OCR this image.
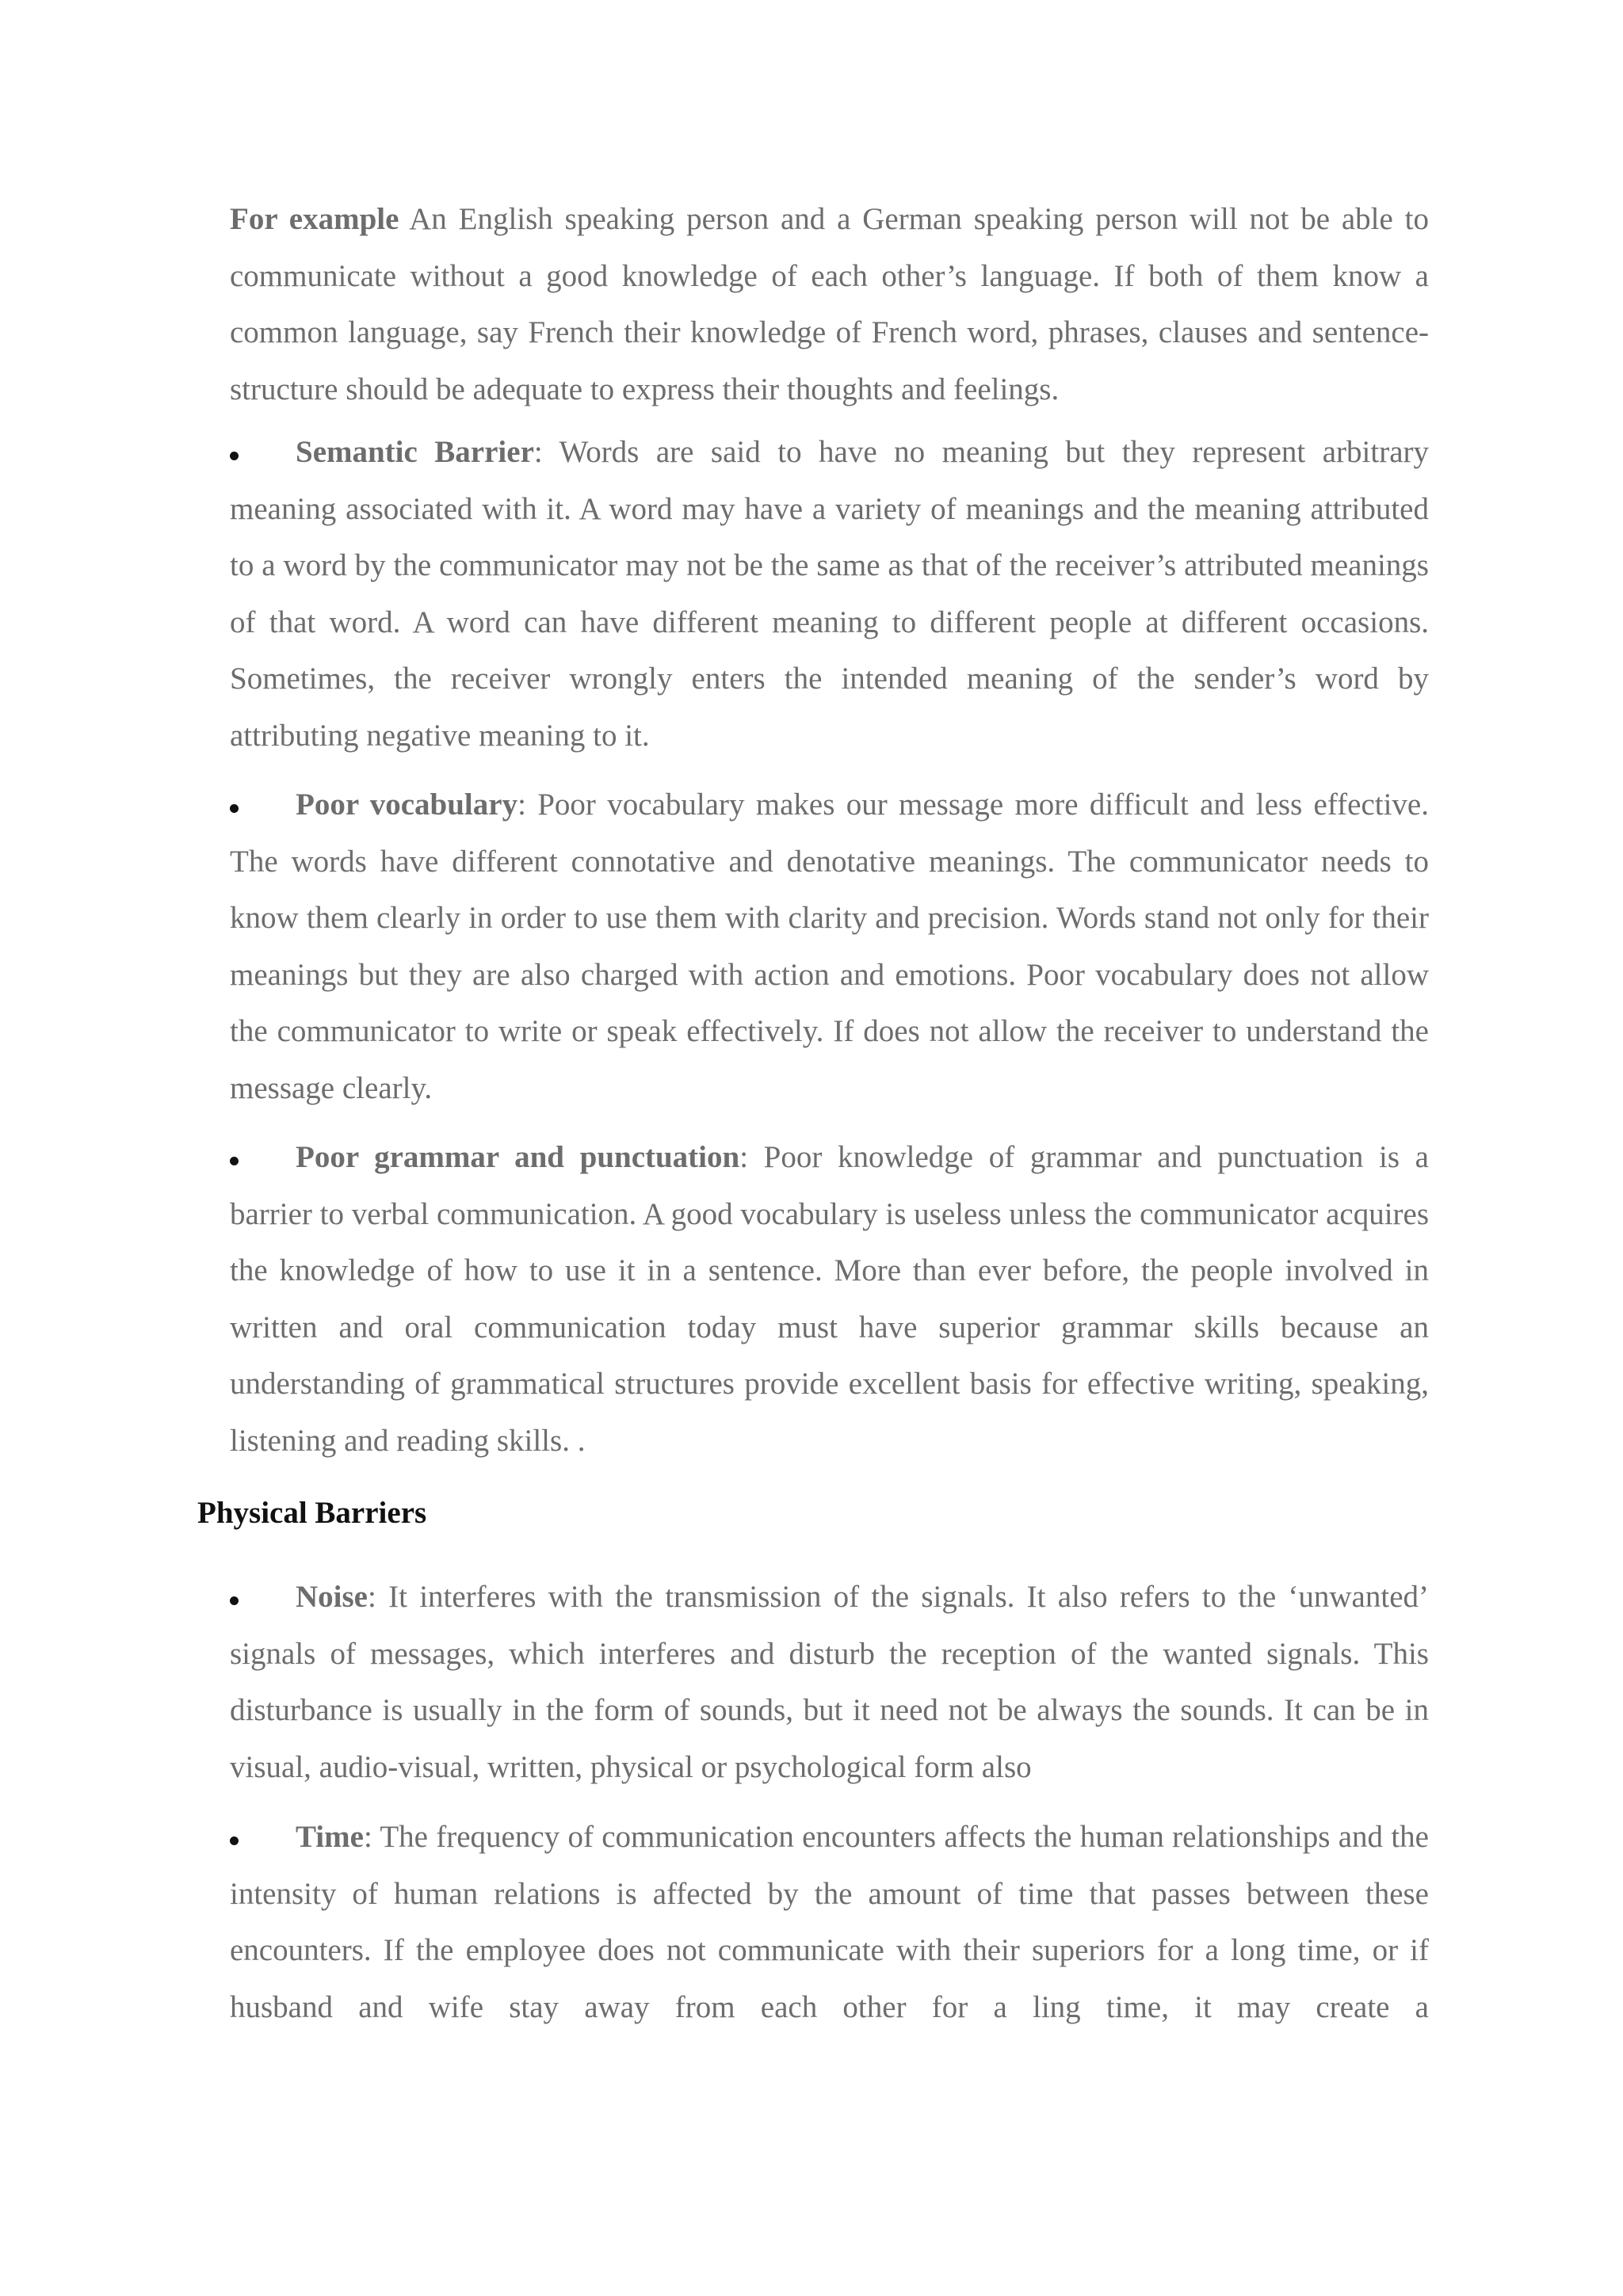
For example An English speaking person and a German speaking person will not be able to communicate without a good knowledge of each other’s language. If both of them know a common language, say French their knowledge of French word, phrases, clauses and sentence-structure should be adequate to express their thoughts and feelings.

Semantic Barrier: Words are said to have no meaning but they represent arbitrary meaning associated with it. A word may have a variety of meanings and the meaning attributed to a word by the communicator may not be the same as that of the receiver’s attributed meanings of that word. A word can have different meaning to different people at different occasions. Sometimes, the receiver wrongly enters the intended meaning of the sender’s word by attributing negative meaning to it.

Poor vocabulary: Poor vocabulary makes our message more difficult and less effective. The words have different connotative and denotative meanings. The communicator needs to know them clearly in order to use them with clarity and precision. Words stand not only for their meanings but they are also charged with action and emotions. Poor vocabulary does not allow the communicator to write or speak effectively. If does not allow the receiver to understand the message clearly.

Poor grammar and punctuation: Poor knowledge of grammar and punctuation is a barrier to verbal communication. A good vocabulary is useless unless the communicator acquires the knowledge of how to use it in a sentence. More than ever before, the people involved in written and oral communication today must have superior grammar skills because an understanding of grammatical structures provide excellent basis for effective writing, speaking, listening and reading skills. .

Physical Barriers

Noise: It interferes with the transmission of the signals. It also refers to the ‘unwanted’ signals of messages, which interferes and disturb the reception of the wanted signals. This disturbance is usually in the form of sounds, but it need not be always the sounds. It can be in visual, audio-visual, written, physical or psychological form also

Time: The frequency of communication encounters affects the human relationships and the intensity of human relations is affected by the amount of time that passes between these encounters. If the employee does not communicate with their superiors for a long time, or if husband and wife stay away from each other for a ling time, it may create a
